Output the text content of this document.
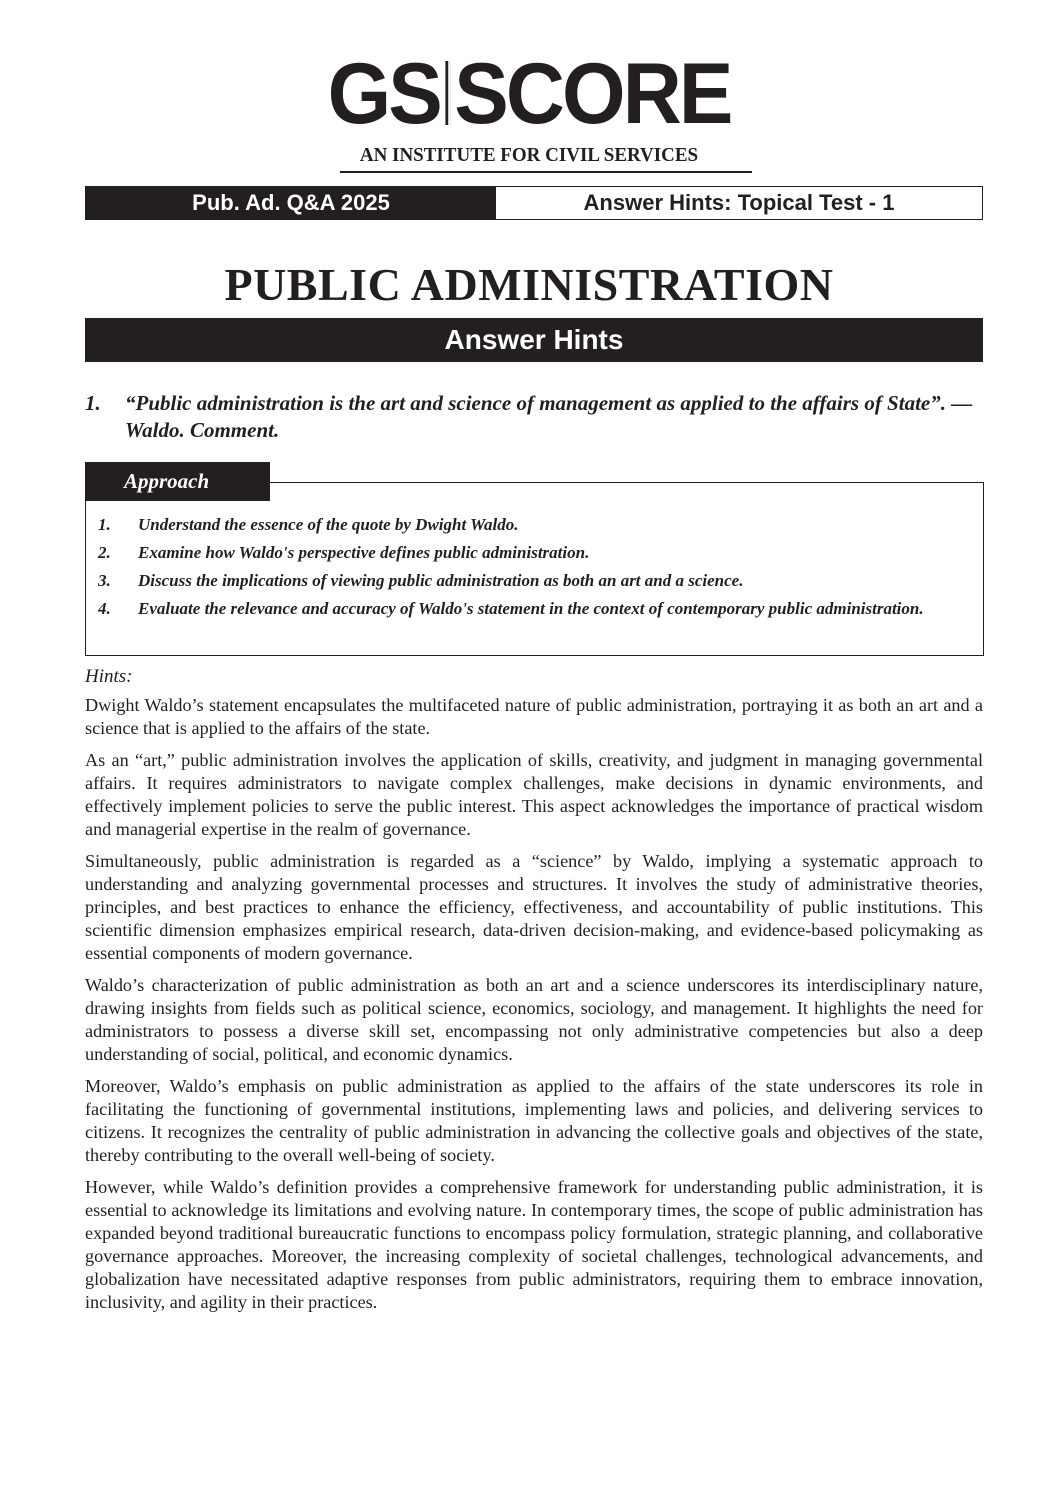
GS SCORE
AN INSTITUTE FOR CIVIL SERVICES
Pub. Ad. Q&A 2025	Answer Hints: Topical Test - 1
PUBLIC ADMINISTRATION
Answer Hints
1.	“Public administration is the art and science of management as applied to the affairs of State”. — Waldo. Comment.
1.	Understand the essence of the quote by Dwight Waldo.
2.	Examine how Waldo's perspective defines public administration.
3.	Discuss the implications of viewing public administration as both an art and a science.
4.	Evaluate the relevance and accuracy of Waldo's statement in the context of contemporary public administration.
Approach
Hints:

Dwight Waldo’s statement encapsulates the multifaceted nature of public administration, portraying it as both an art and a science that is applied to the affairs of the state.

As an “art,” public administration involves the application of skills, creativity, and judgment in managing governmental affairs. It requires administrators to navigate complex challenges, make decisions in dynamic environments, and effectively implement policies to serve the public interest. This aspect acknowledges the importance of practical wisdom and managerial expertise in the realm of governance.

Simultaneously, public administration is regarded as a “science” by Waldo, implying a systematic approach to understanding and analyzing governmental processes and structures. It involves the study of administrative theories, principles, and best practices to enhance the efficiency, effectiveness, and accountability of public institutions. This scientific dimension emphasizes empirical research, data-driven decision-making, and evidence-based policymaking as essential components of modern governance.

Waldo’s characterization of public administration as both an art and a science underscores its interdisciplinary nature, drawing insights from fields such as political science, economics, sociology, and management. It highlights the need for administrators to possess a diverse skill set, encompassing not only administrative competencies but also a deep understanding of social, political, and economic dynamics.

Moreover, Waldo’s emphasis on public administration as applied to the affairs of the state underscores its role in facilitating the functioning of governmental institutions, implementing laws and policies, and delivering services to citizens. It recognizes the centrality of public administration in advancing the collective goals and objectives of the state, thereby contributing to the overall well-being of society.

However, while Waldo’s definition provides a comprehensive framework for understanding public administration, it is essential to acknowledge its limitations and evolving nature. In contemporary times, the scope of public administration has expanded beyond traditional bureaucratic functions to encompass policy formulation, strategic planning, and collaborative governance approaches. Moreover, the increasing complexity of societal challenges, technological advancements, and globalization have necessitated adaptive responses from public administrators, requiring them to embrace innovation, inclusivity, and agility in their practices.
